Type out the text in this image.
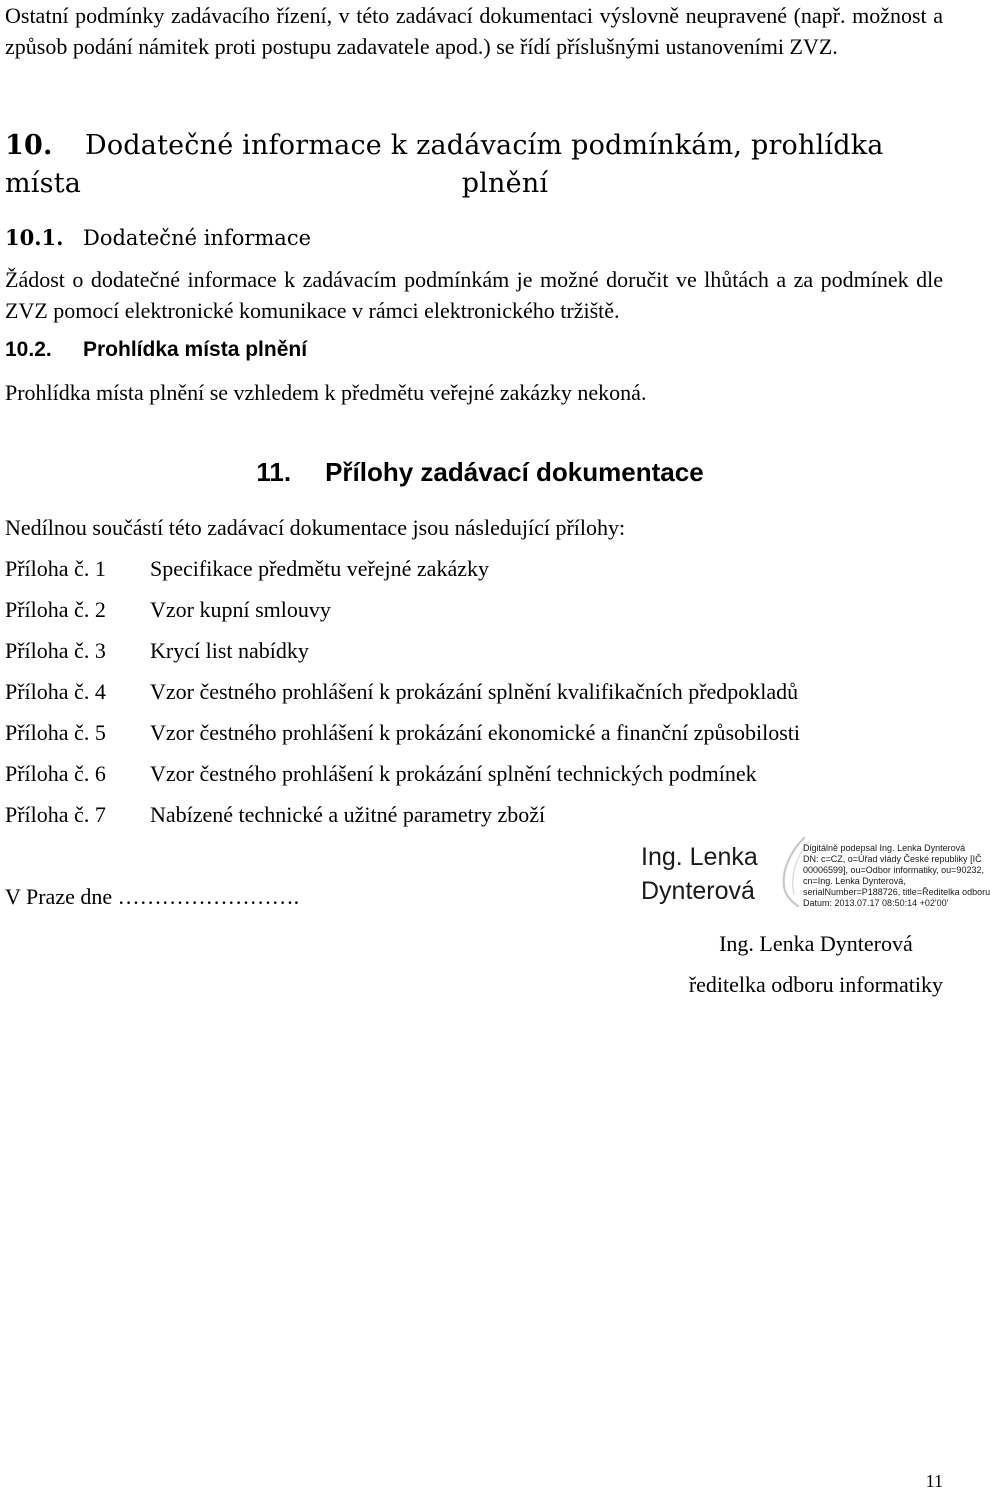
Ostatní podmínky zadávacího řízení, v této zadávací dokumentaci výslovně neupravené (např. možnost a způsob podání námitek proti postupu zadavatele apod.) se řídí příslušnými ustanoveními ZVZ.

10. Dodatečné informace k zadávacím podmínkám, prohlídka místa	plnění
10.1. Dodatečné informace

Žádost o dodatečné informace k zadávacím podmínkám je možné doručit ve lhůtách a za podmínek dle ZVZ pomocí elektronické komunikace v rámci elektronického tržiště.

10.2. Prohlídka místa plnění

Prohlídka místa plnění se vzhledem k předmětu veřejné zakázky nekoná.

11. Přílohy zadávací dokumentace

Nedílnou součástí této zadávací dokumentace jsou následující přílohy:

Příloha č. 1	Specifikace předmětu veřejné zakázky
Příloha č. 2	Vzor kupní smlouvy
Příloha č. 3	Krycí list nabídky
Příloha č. 4	Vzor čestného prohlášení k prokázání splnění kvalifikačních předpokladů
Příloha č. 5	Vzor čestného prohlášení k prokázání ekonomické a finanční způsobilosti
Příloha č. 6	Vzor čestného prohlášení k prokázání splnění technických podmínek
Příloha č. 7	Nabízené technické a užitné parametry zboží
V Praze dne …………………….
Ing. Lenka
Dynterová
Digitálně podepsal Ing. Lenka Dynterová
DN: c=CZ, o=Úřad vlády České republiky [IČ
00006599], ou=Odbor informatiky, ou=90232,
cn=Ing. Lenka Dynterová,
serialNumber=P188726, title=Ředitelka odboru
Datum: 2013.07.17 08:50:14 +02'00'
Ing. Lenka Dynterová
ředitelka odboru informatiky
11
